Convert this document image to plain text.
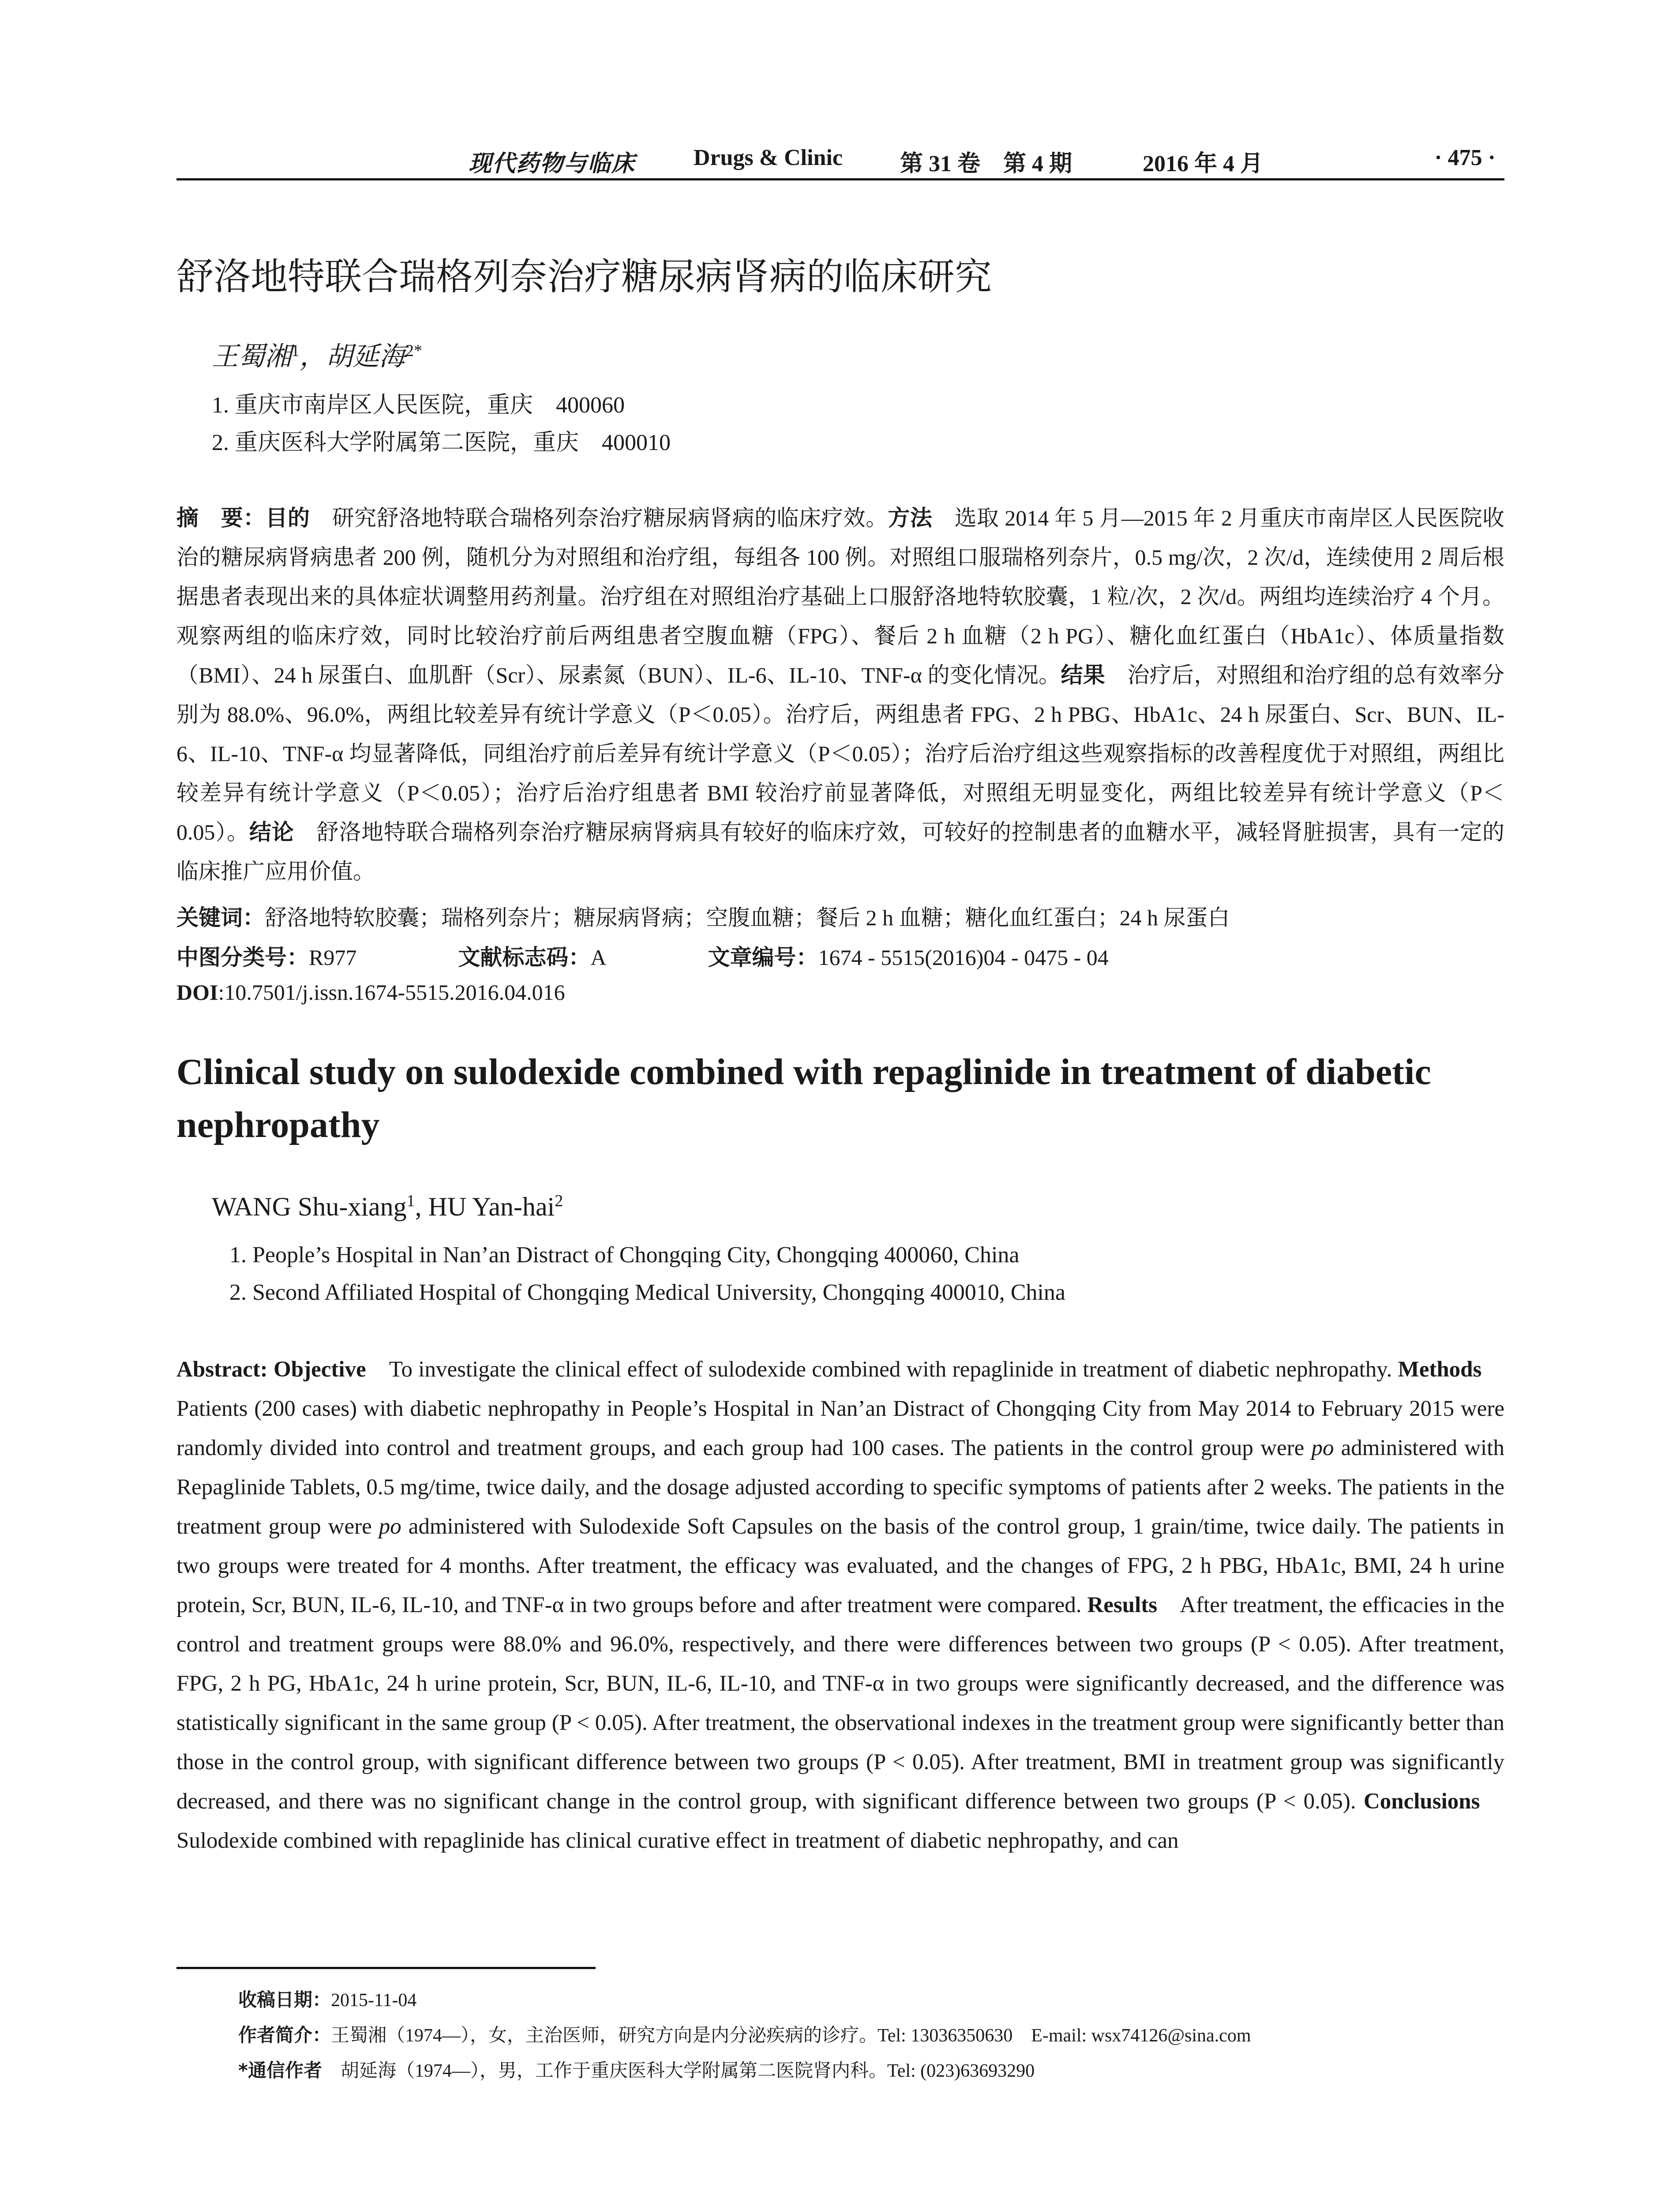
现代药物与临床	Drugs & Clinic	第 31 卷　第 4 期	2016 年 4 月	· 475 ·
舒洛地特联合瑞格列奈治疗糖尿病肾病的临床研究
王蜀湘$^1$，胡延海$^{2*}$
1. 重庆市南岸区人民医院，重庆　400060
2. 重庆医科大学附属第二医院，重庆　400010
摘　要：目的　研究舒洛地特联合瑞格列奈治疗糖尿病肾病的临床疗效。方法　选取 2014 年 5 月—2015 年 2 月重庆市南岸区人民医院收治的糖尿病肾病患者 200 例，随机分为对照组和治疗组，每组各 100 例。对照组口服瑞格列奈片，0.5 mg/次，2 次/d，连续使用 2 周后根据患者表现出来的具体症状调整用药剂量。治疗组在对照组治疗基础上口服舒洛地特软胶囊，1 粒/次，2 次/d。两组均连续治疗 4 个月。观察两组的临床疗效，同时比较治疗前后两组患者空腹血糖（FPG）、餐后 2 h 血糖（2 h PG）、糖化血红蛋白（HbA1c）、体质量指数（BMI）、24 h 尿蛋白、血肌酐（Scr）、尿素氮（BUN）、IL-6、IL-10、TNF-α 的变化情况。结果　治疗后，对照组和治疗组的总有效率分别为 88.0%、96.0%，两组比较差异有统计学意义（P＜0.05）。治疗后，两组患者 FPG、2 h PBG、HbA1c、24 h 尿蛋白、Scr、BUN、IL-6、IL-10、TNF-α 均显著降低，同组治疗前后差异有统计学意义（P＜0.05）；治疗后治疗组这些观察指标的改善程度优于对照组，两组比较差异有统计学意义（P＜0.05）；治疗后治疗组患者 BMI 较治疗前显著降低，对照组无明显变化，两组比较差异有统计学意义（P＜0.05）。结论　舒洛地特联合瑞格列奈治疗糖尿病肾病具有较好的临床疗效，可较好的控制患者的血糖水平，减轻肾脏损害，具有一定的临床推广应用价值。
关键词：舒洛地特软胶囊；瑞格列奈片；糖尿病肾病；空腹血糖；餐后 2 h 血糖；糖化血红蛋白；24 h 尿蛋白
中图分类号：R977	文献标志码：A	文章编号：1674 - 5515(2016)04 - 0475 - 04
DOI:10.7501/j.issn.1674-5515.2016.04.016
Clinical study on sulodexide combined with repaglinide in treatment of diabetic nephropathy
WANG Shu-xiang$^1$, HU Yan-hai$^2$
1. People’s Hospital in Nan’an Distract of Chongqing City, Chongqing 400060, China
2. Second Affiliated Hospital of Chongqing Medical University, Chongqing 400010, China
Abstract: Objective　To investigate the clinical effect of sulodexide combined with repaglinide in treatment of diabetic nephropathy. Methods　Patients (200 cases) with diabetic nephropathy in People’s Hospital in Nan’an Distract of Chongqing City from May 2014 to February 2015 were randomly divided into control and treatment groups, and each group had 100 cases. The patients in the control group were po administered with Repaglinide Tablets, 0.5 mg/time, twice daily, and the dosage adjusted according to specific symptoms of patients after 2 weeks. The patients in the treatment group were po administered with Sulodexide Soft Capsules on the basis of the control group, 1 grain/time, twice daily. The patients in two groups were treated for 4 months. After treatment, the efficacy was evaluated, and the changes of FPG, 2 h PBG, HbA1c, BMI, 24 h urine protein, Scr, BUN, IL-6, IL-10, and TNF-α in two groups before and after treatment were compared. Results　After treatment, the efficacies in the control and treatment groups were 88.0% and 96.0%, respectively, and there were differences between two groups (P < 0.05). After treatment, FPG, 2 h PG, HbA1c, 24 h urine protein, Scr, BUN, IL-6, IL-10, and TNF-α in two groups were significantly decreased, and the difference was statistically significant in the same group (P < 0.05). After treatment, the observational indexes in the treatment group were significantly better than those in the control group, with significant difference between two groups (P < 0.05). After treatment, BMI in treatment group was significantly decreased, and there was no significant change in the control group, with significant difference between two groups (P < 0.05). Conclusions　Sulodexide combined with repaglinide has clinical curative effect in treatment of diabetic nephropathy, and can
收稿日期：2015-11-04
作者简介：王蜀湘（1974—），女，主治医师，研究方向是内分泌疾病的诊疗。Tel: 13036350630　E-mail: wsx74126@sina.com
*通信作者　胡延海（1974—），男，工作于重庆医科大学附属第二医院肾内科。Tel: (023)63693290
